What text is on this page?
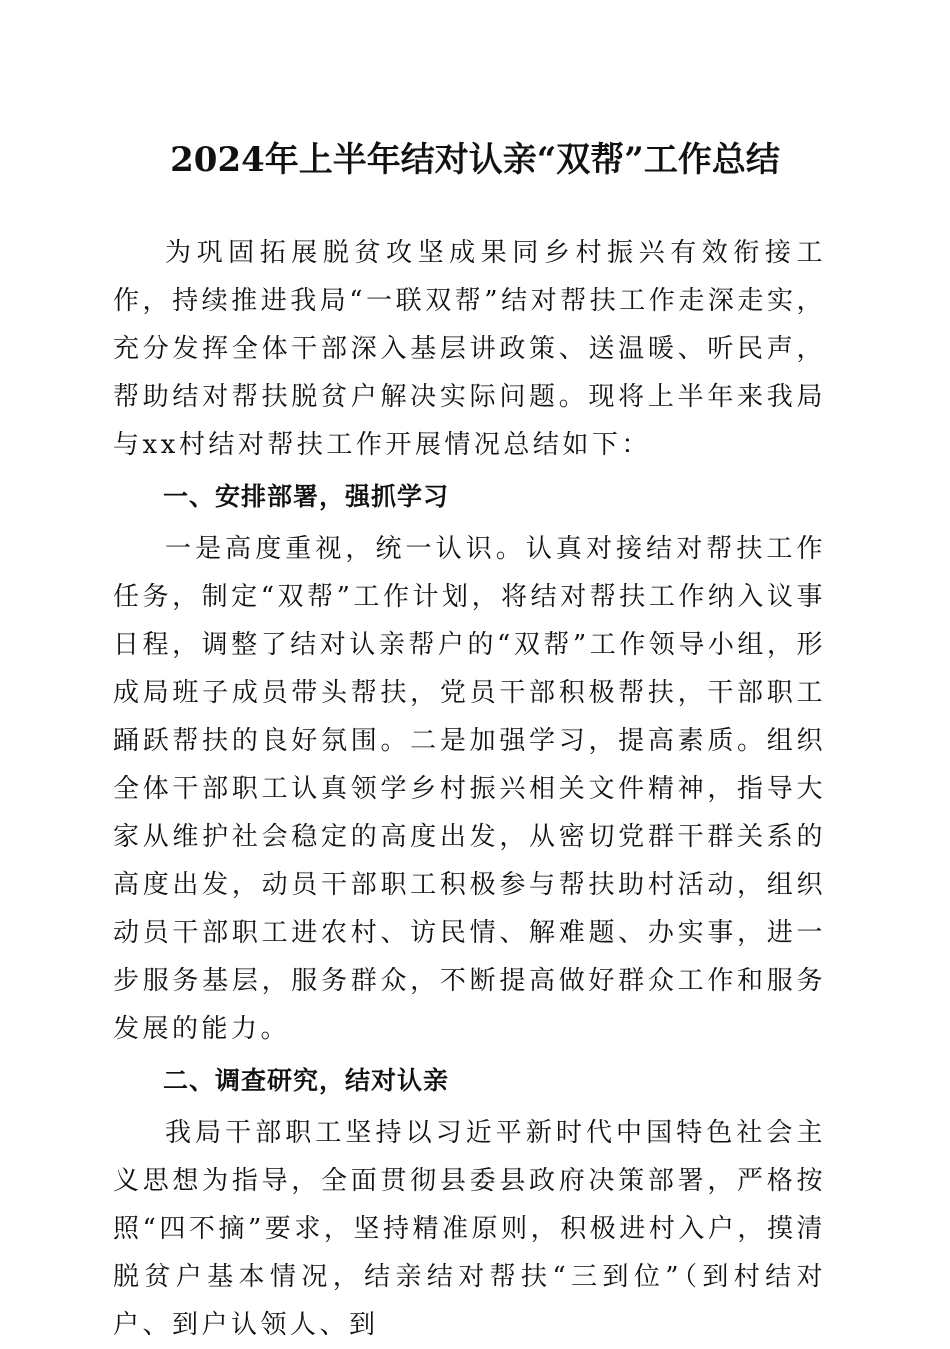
2024年上半年结对认亲“双帮”工作总结

为巩固拓展脱贫攻坚成果同乡村振兴有效衔接工作，持续推进我局“一联双帮”结对帮扶工作走深走实，充分发挥全体干部深入基层讲政策、送温暖、听民声，帮助结对帮扶脱贫户解决实际问题。现将上半年来我局与xx村结对帮扶工作开展情况总结如下：

一、安排部署，强抓学习

一是高度重视，统一认识。认真对接结对帮扶工作任务，制定“双帮”工作计划，将结对帮扶工作纳入议事日程，调整了结对认亲帮户的“双帮”工作领导小组，形成局班子成员带头帮扶，党员干部积极帮扶，干部职工踊跃帮扶的良好氛围。二是加强学习，提高素质。组织全体干部职工认真领学乡村振兴相关文件精神，指导大家从维护社会稳定的高度出发，从密切党群干群关系的高度出发，动员干部职工积极参与帮扶助村活动，组织动员干部职工进农村、访民情、解难题、办实事，进一步服务基层，服务群众，不断提高做好群众工作和服务发展的能力。

二、调查研究，结对认亲

我局干部职工坚持以习近平新时代中国特色社会主义思想为指导，全面贯彻县委县政府决策部署，严格按照“四不摘”要求，坚持精准原则，积极进村入户，摸清脱贫户基本情况，结亲结对帮扶“三到位”（到村结对户、到户认领人、到
